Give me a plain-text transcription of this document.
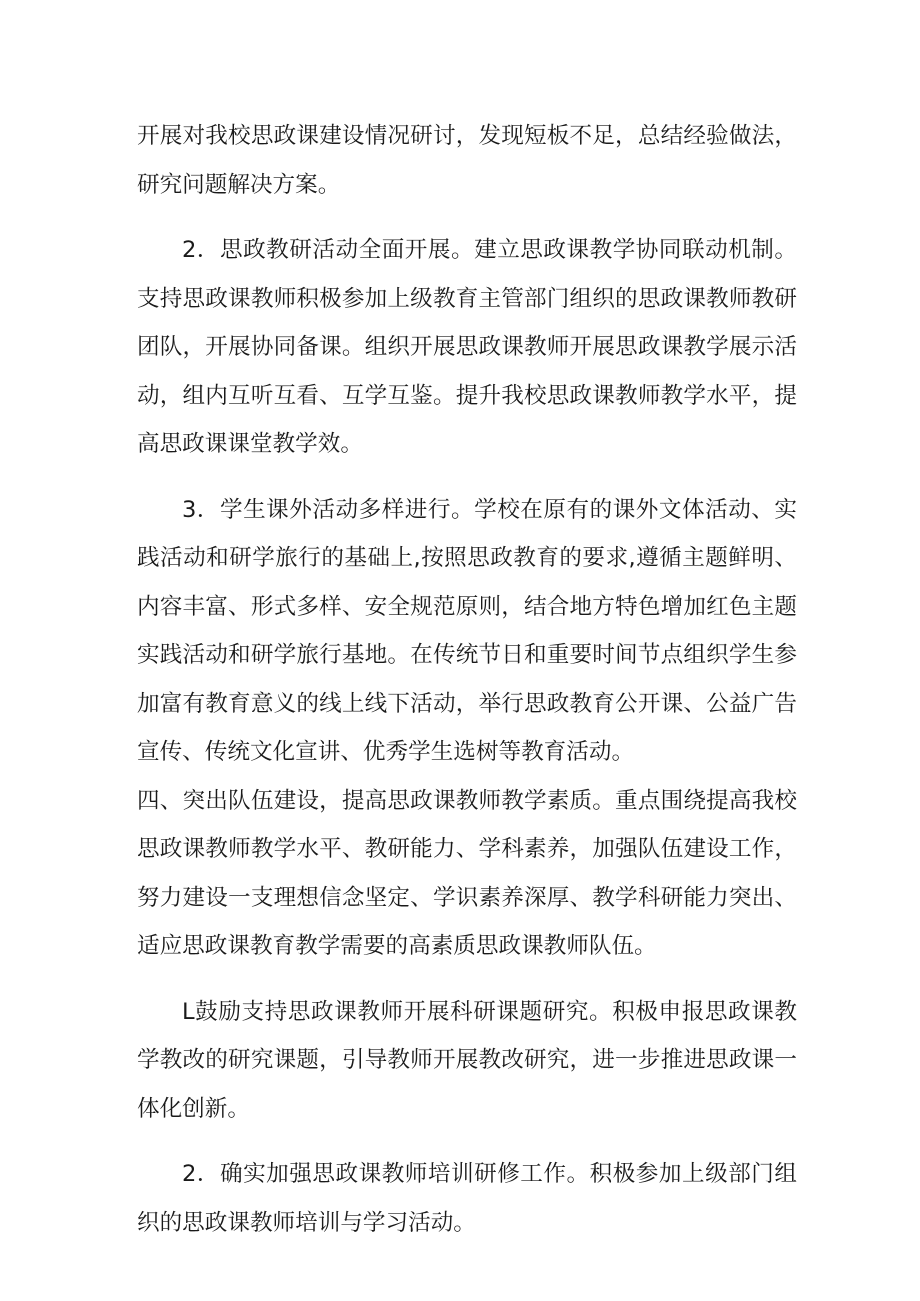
开展对我校思政课建设情况研讨，发现短板不足，总结经验做法，研究问题解决方案。

2．思政教研活动全面开展。建立思政课教学协同联动机制。支持思政课教师积极参加上级教育主管部门组织的思政课教师教研团队，开展协同备课。组织开展思政课教师开展思政课教学展示活动，组内互听互看、互学互鉴。提升我校思政课教师教学水平，提高思政课课堂教学效。

3．学生课外活动多样进行。学校在原有的课外文体活动、实践活动和研学旅行的基础上,按照思政教育的要求,遵循主题鲜明、内容丰富、形式多样、安全规范原则，结合地方特色增加红色主题实践活动和研学旅行基地。在传统节日和重要时间节点组织学生参加富有教育意义的线上线下活动，举行思政教育公开课、公益广告宣传、传统文化宣讲、优秀学生选树等教育活动。

四、突出队伍建设，提高思政课教师教学素质。重点围绕提高我校思政课教师教学水平、教研能力、学科素养，加强队伍建设工作，努力建设一支理想信念坚定、学识素养深厚、教学科研能力突出、适应思政课教育教学需要的高素质思政课教师队伍。

L鼓励支持思政课教师开展科研课题研究。积极申报思政课教学教改的研究课题，引导教师开展教改研究，进一步推进思政课一体化创新。

2．确实加强思政课教师培训研修工作。积极参加上级部门组织的思政课教师培训与学习活动。
